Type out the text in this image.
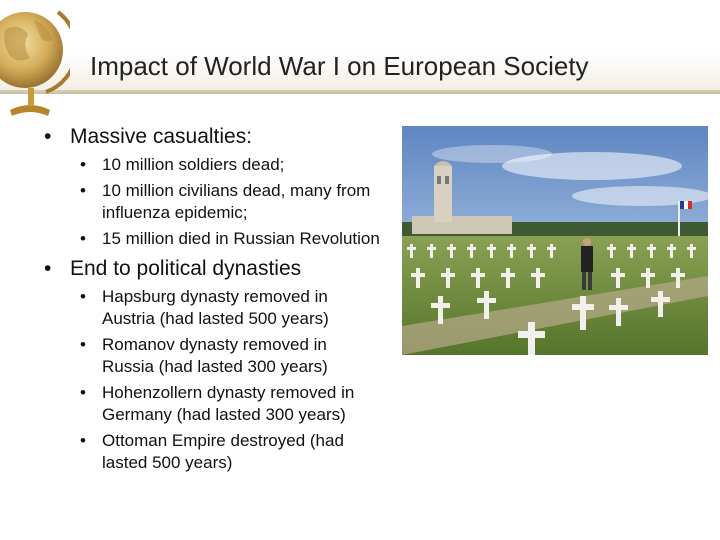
Impact of World War I on European Society
• Massive casualties:
• 10 million soldiers dead;
• 10 million civilians dead, many from
influenza epidemic;
• 15 million died in Russian Revolution
• End to political dynasties
• Hapsburg dynasty removed in
Austria (had lasted 500 years)
• Romanov dynasty removed in
Russia (had lasted 300 years)
• Hohenzollern dynasty removed in
Germany (had lasted 300 years)
• Ottoman Empire destroyed (had
lasted 500 years)
